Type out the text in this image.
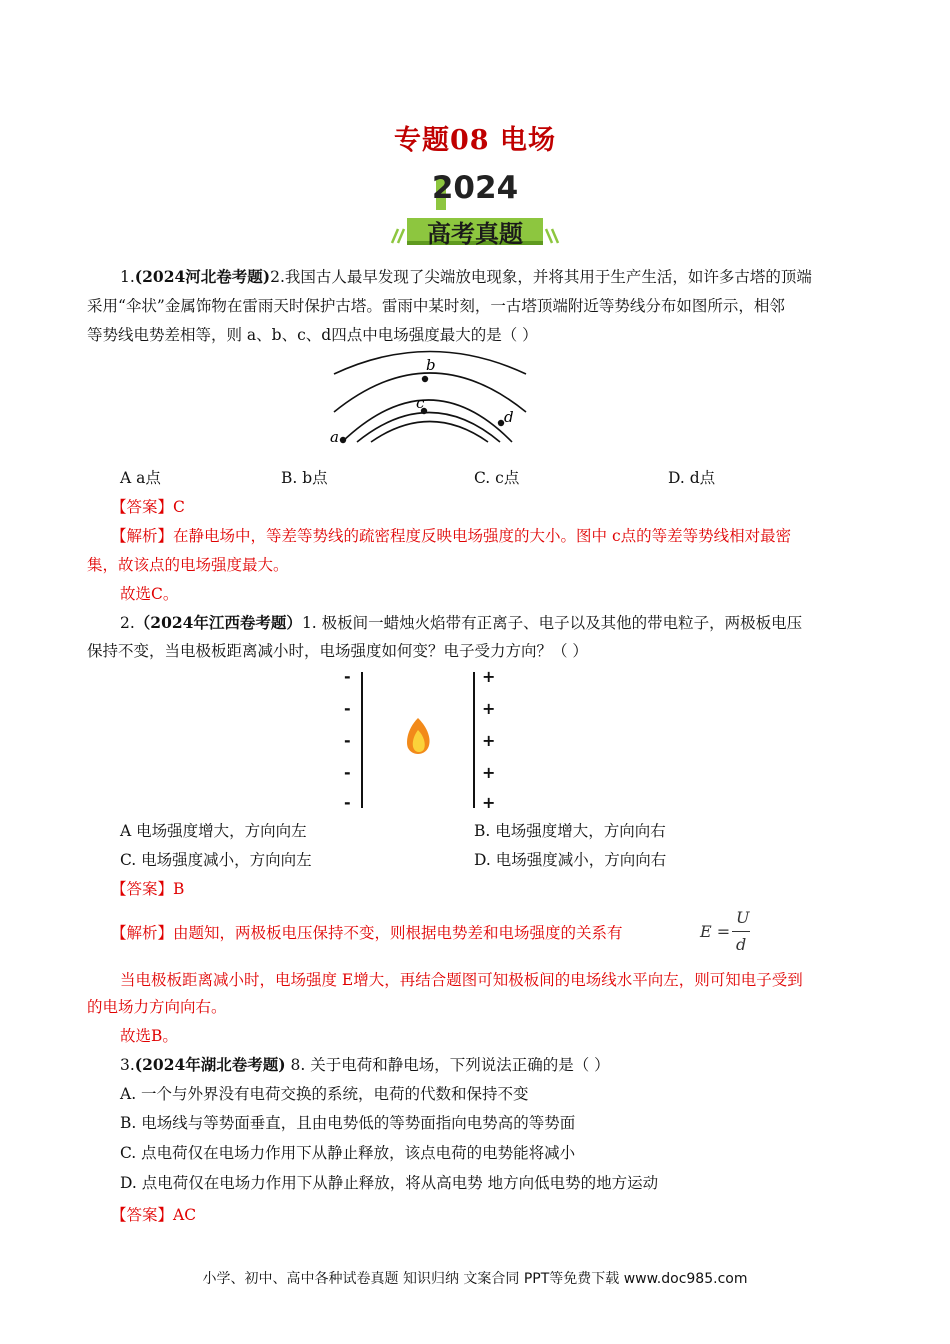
专题08 电场
2024
高考真题
1.(2024河北卷考题)2.我国古人最早发现了尖端放电现象，并将其用于生产生活，如许多古塔的顶端
采用“伞状”金属饰物在雷雨天时保护古塔。雷雨中某时刻，一古塔顶端附近等势线分布如图所示，相邻
等势线电势差相等，则 a、b、c、d四点中电场强度最大的是（ ）
b
c
d
a
A a点	B. b点	C. c点	D. d点
【答案】C
【解析】在静电场中，等差等势线的疏密程度反映电场强度的大小。图中 c点的等差等势线相对最密
集，故该点的电场强度最大。
故选C。
2.（2024年江西卷考题）1. 极板间一蜡烛火焰带有正离子、电子以及其他的带电粒子，两极板电压
保持不变，当电极板距离减小时，电场强度如何变？电子受力方向？（ ）
-
-
-
-
-
+
+
+
+
+
A 电场强度增大，方向向左	B. 电场强度增大，方向向右
C. 电场强度减小，方向向左	D. 电场强度减小，方向向右
【答案】B
【解析】由题知，两极板电压保持不变，则根据电势差和电场强度的关系有	E =
U
d
当电极板距离减小时，电场强度 E增大，再结合题图可知极板间的电场线水平向左，则可知电子受到
的电场力方向向右。
故选B。
3.(2024年湖北卷考题) 8. 关于电荷和静电场，下列说法正确的是（ ）
A. 一个与外界没有电荷交换的系统，电荷的代数和保持不变
B. 电场线与等势面垂直，且由电势低的等势面指向电势高的等势面
C. 点电荷仅在电场力作用下从静止释放，该点电荷的电势能将减小
D. 点电荷仅在电场力作用下从静止释放，将从高电势 地方向低电势的地方运动
【答案】AC
小学、初中、高中各种试卷真题 知识归纳 文案合同 PPT等免费下载 www.doc985.com
